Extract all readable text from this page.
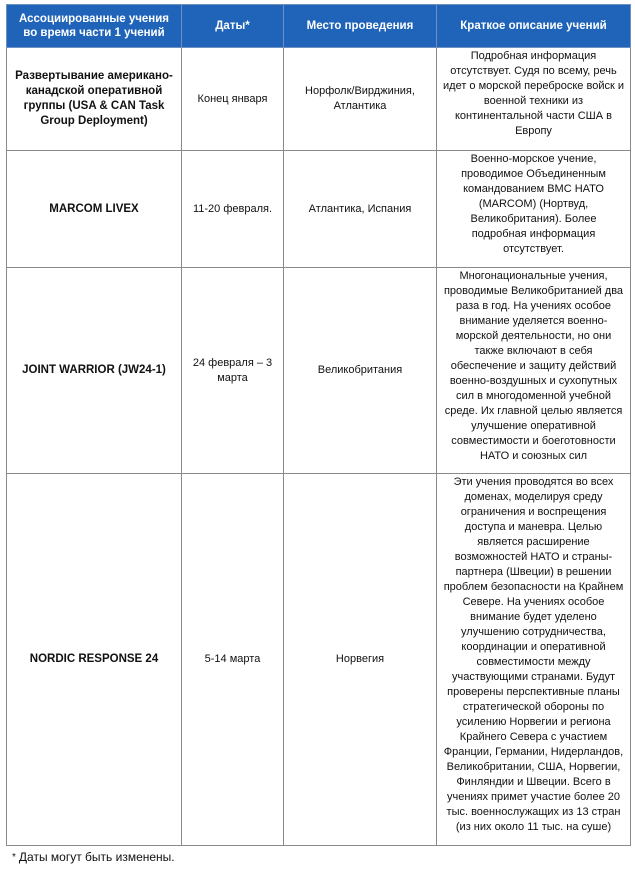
Ассоциированные учения во время части 1 учений	Даты*	Место проведения	Краткое описание учений
Развертывание американо-канадской оперативной группы (USA & CAN Task Group Deployment)	Конец января	Норфолк/Вирджиния, Атлантика	Подробная информация отсутствует. Судя по всему, речь идет о морской переброске войск и военной техники из континентальной части США в Европу
MARCOM LIVEX	11-20 февраля.	Атлантика, Испания	Военно-морское учение, проводимое Объединенным командованием ВМС НАТО (MARCOM) (Нортвуд, Великобритания). Более подробная информация отсутствует.
JOINT WARRIOR (JW24-1)	24 февраля – 3 марта	Великобритания	Многонациональные учения, проводимые Великобританией два раза в год. На учениях особое внимание уделяется военно-морской деятельности, но они также включают в себя обеспечение и защиту действий военно-воздушных и сухопутных сил в многодоменной учебной среде. Их главной целью является улучшение оперативной совместимости и боеготовности НАТО и союзных сил
NORDIC RESPONSE 24	5-14 марта	Норвегия	Эти учения проводятся во всех доменах, моделируя среду ограничения и воспрещения доступа и маневра. Целью является расширение возможностей НАТО и страны-партнера (Швеции) в решении проблем безопасности на Крайнем Севере. На учениях особое внимание будет уделено улучшению сотрудничества, координации и оперативной совместимости между участвующими странами. Будут проверены перспективные планы стратегической обороны по усилению Норвегии и региона Крайнего Севера с участием Франции, Германии, Нидерландов, Великобритании, США, Норвегии, Финляндии и Швеции. Всего в учениях примет участие более 20 тыс. военнослужащих из 13 стран (из них около 11 тыс. на суше)
* Даты могут быть изменены.
